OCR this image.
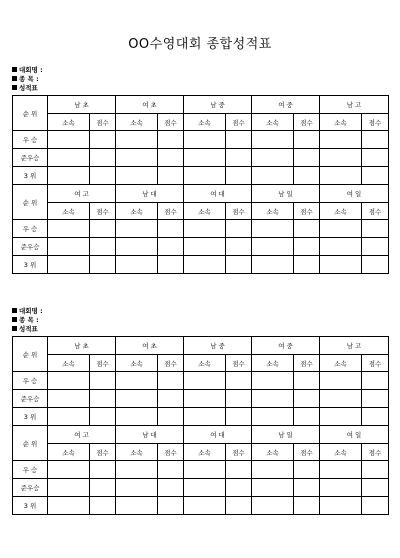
OO수영대회 종합성적표
대회명 :
종 목 :
성적표
순 위	남 초		여 초		남 중		여 중		남 고	
	소속	점수	소속	점수	소속	점수	소속	점수	소속	점수
우 승										
준우승										
3 위										
순 위	여 고		남 대		여 대		남 일		여 일	
	소속	점수	소속	점수	소속	점수	소속	점수	소속	점수
우 승										
준우승										
3 위										
대회명 :
종 목 :
성적표
순 위	남 초		여 초		남 중		여 중		남 고	
	소속	점수	소속	점수	소속	점수	소속	점수	소속	점수
우 승										
준우승										
3 위										
순 위	여 고		남 대		여 대		남 일		여 일	
	소속	점수	소속	점수	소속	점수	소속	점수	소속	점수
우 승										
준우승										
3 위										
